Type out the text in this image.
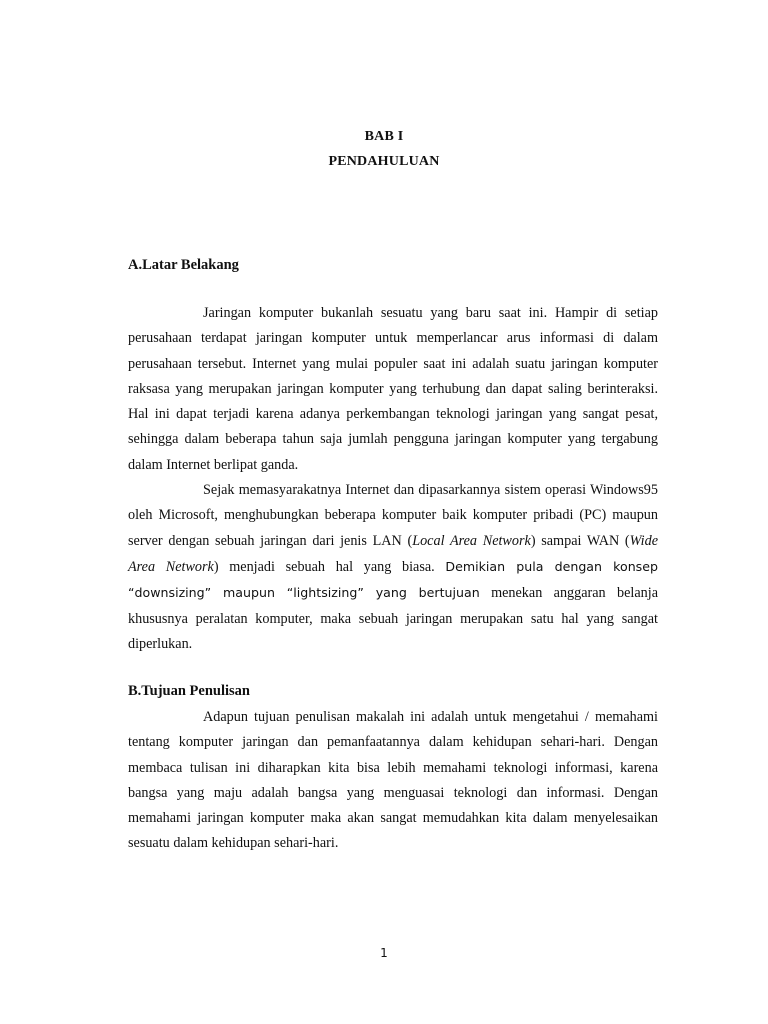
BAB I
PENDAHULUAN
A.Latar Belakang

Jaringan komputer bukanlah sesuatu yang baru saat ini. Hampir di setiap perusahaan terdapat jaringan komputer untuk memperlancar arus informasi di dalam perusahaan tersebut. Internet yang mulai populer saat ini adalah suatu jaringan komputer raksasa yang merupakan jaringan komputer yang terhubung dan dapat saling berinteraksi. Hal ini dapat terjadi karena adanya perkembangan teknologi jaringan yang sangat pesat, sehingga dalam beberapa tahun saja jumlah pengguna jaringan komputer yang tergabung dalam Internet berlipat ganda.

Sejak memasyarakatnya Internet dan dipasarkannya sistem operasi Windows95 oleh Microsoft, menghubungkan beberapa komputer baik komputer pribadi (PC) maupun server dengan sebuah jaringan dari jenis LAN (Local Area Network) sampai WAN (Wide Area Network) menjadi sebuah hal yang biasa. Demikian pula dengan konsep “downsizing” maupun “lightsizing” yang bertujuan menekan anggaran belanja khususnya peralatan komputer, maka sebuah jaringan merupakan satu hal yang sangat diperlukan.

B.Tujuan Penulisan

Adapun tujuan penulisan makalah ini adalah untuk mengetahui / memahami tentang komputer jaringan dan pemanfaatannya dalam kehidupan sehari-hari. Dengan membaca tulisan ini diharapkan kita bisa lebih memahami teknologi informasi, karena bangsa yang maju adalah bangsa yang menguasai teknologi dan informasi. Dengan memahami jaringan komputer maka akan sangat memudahkan kita dalam menyelesaikan sesuatu dalam kehidupan sehari-hari.

1
